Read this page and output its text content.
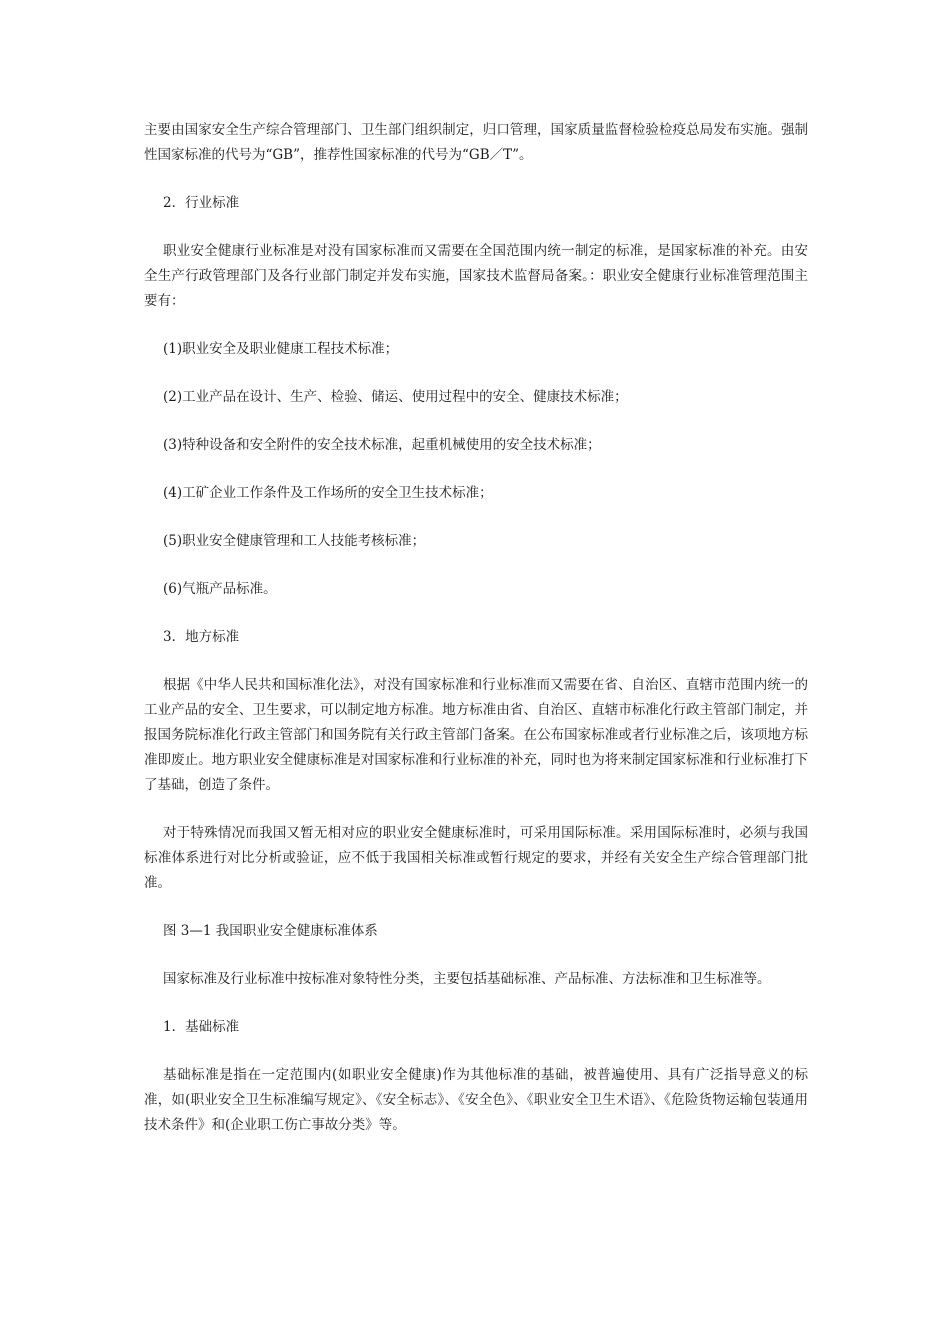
主要由国家安全生产综合管理部门、卫生部门组织制定，归口管理，国家质量监督检验检疫总局发布实施。强制性国家标准的代号为“GB”，推荐性国家标准的代号为“GB／T”。

2．行业标准

职业安全健康行业标准是对没有国家标准而又需要在全国范围内统一制定的标准，是国家标准的补充。由安全生产行政管理部门及各行业部门制定并发布实施，国家技术监督局备案。：职业安全健康行业标准管理范围主要有：

(1)职业安全及职业健康工程技术标准；

(2)工业产品在设计、生产、检验、储运、使用过程中的安全、健康技术标准；

(3)特种设备和安全附件的安全技术标准，起重机械使用的安全技术标准；

(4)工矿企业工作条件及工作场所的安全卫生技术标准；

(5)职业安全健康管理和工人技能考核标准；

(6)气瓶产品标准。

3．地方标准

根据《中华人民共和国标准化法》，对没有国家标准和行业标准而又需要在省、自治区、直辖市范围内统一的工业产品的安全、卫生要求，可以制定地方标准。地方标准由省、自治区、直辖市标准化行政主管部门制定，并报国务院标准化行政主管部门和国务院有关行政主管部门备案。在公布国家标准或者行业标准之后，该项地方标准即废止。地方职业安全健康标准是对国家标准和行业标准的补充，同时也为将来制定国家标准和行业标准打下了基础，创造了条件。

对于特殊情况而我国又暂无相对应的职业安全健康标准时，可采用国际标准。采用国际标准时，必须与我国标准体系进行对比分析或验证，应不低于我国相关标准或暂行规定的要求，并经有关安全生产综合管理部门批准。

图 3—1 我国职业安全健康标准体系

国家标准及行业标准中按标准对象特性分类，主要包括基础标准、产品标准、方法标准和卫生标准等。

1．基础标准

基础标准是指在一定范围内(如职业安全健康)作为其他标准的基础，被普遍使用、具有广泛指导意义的标准，如(职业安全卫生标准编写规定》、《安全标志》、《安全色》、《职业安全卫生术语》、《危险货物运输包装通用技术条件》和(企业职工伤亡事故分类》等。
